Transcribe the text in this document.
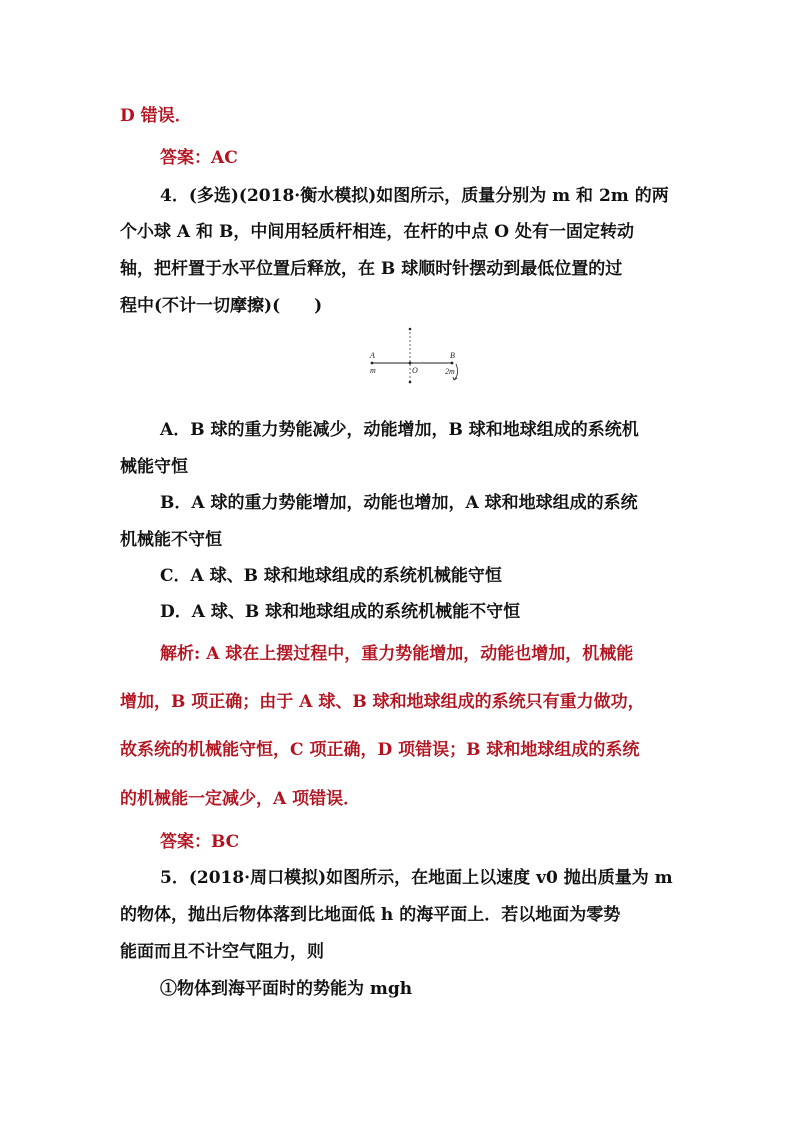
D 错误．
答案：AC
4．(多选)(2018·衡水模拟)如图所示，质量分别为 m 和 2m 的两
个小球 A 和 B，中间用轻质杆相连，在杆的中点 O 处有一固定转动
轴，把杆置于水平位置后释放，在 B 球顺时针摆动到最低位置的过
程中(不计一切摩擦)(　　)
A	B
O
m	2m
A．B 球的重力势能减少，动能增加，B 球和地球组成的系统机
械能守恒
B．A 球的重力势能增加，动能也增加，A 球和地球组成的系统
机械能不守恒
C．A 球、B 球和地球组成的系统机械能守恒
D．A 球、B 球和地球组成的系统机械能不守恒
解析: A 球在上摆过程中，重力势能增加，动能也增加，机械能
增加，B 项正确；由于 A 球、B 球和地球组成的系统只有重力做功，
故系统的机械能守恒，C 项正确，D 项错误；B 球和地球组成的系统
的机械能一定减少，A 项错误．
答案：BC
5．(2018·周口模拟)如图所示，在地面上以速度 v0 抛出质量为 m
的物体，抛出后物体落到比地面低 h 的海平面上．若以地面为零势
能面而且不计空气阻力，则
①物体到海平面时的势能为 mgh
